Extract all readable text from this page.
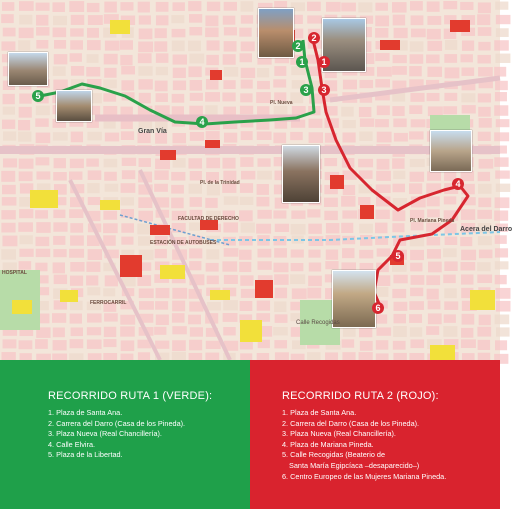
1
2
3
4
5
1
2
3
4
5
6
Gran Vía
Acera del Darro
Calle Recogidas
ESTACIÓN DE AUTOBUSES
FACULTAD DE DERECHO	Pl. Mariana Pineda
Pl. Nueva
Pl. de la Trinidad
HOSPITAL
FERROCARRIL
RECORRIDO RUTA 1 (VERDE):
1. Plaza de Santa Ana.
2. Carrera del Darro (Casa de los Pineda).
3. Plaza Nueva (Real Chancillería).
4. Calle Elvira.
5. Plaza de la Libertad.
RECORRIDO RUTA 2 (ROJO):
1. Plaza de Santa Ana.
2. Carrera del Darro (Casa de los Pineda).
3. Plaza Nueva (Real Chancillería).
4. Plaza de Mariana Pineda.
5. Calle Recogidas (Beaterio de
Santa María Egipcíaca –desaparecido–)
6. Centro Europeo de las Mujeres Mariana Pineda.
